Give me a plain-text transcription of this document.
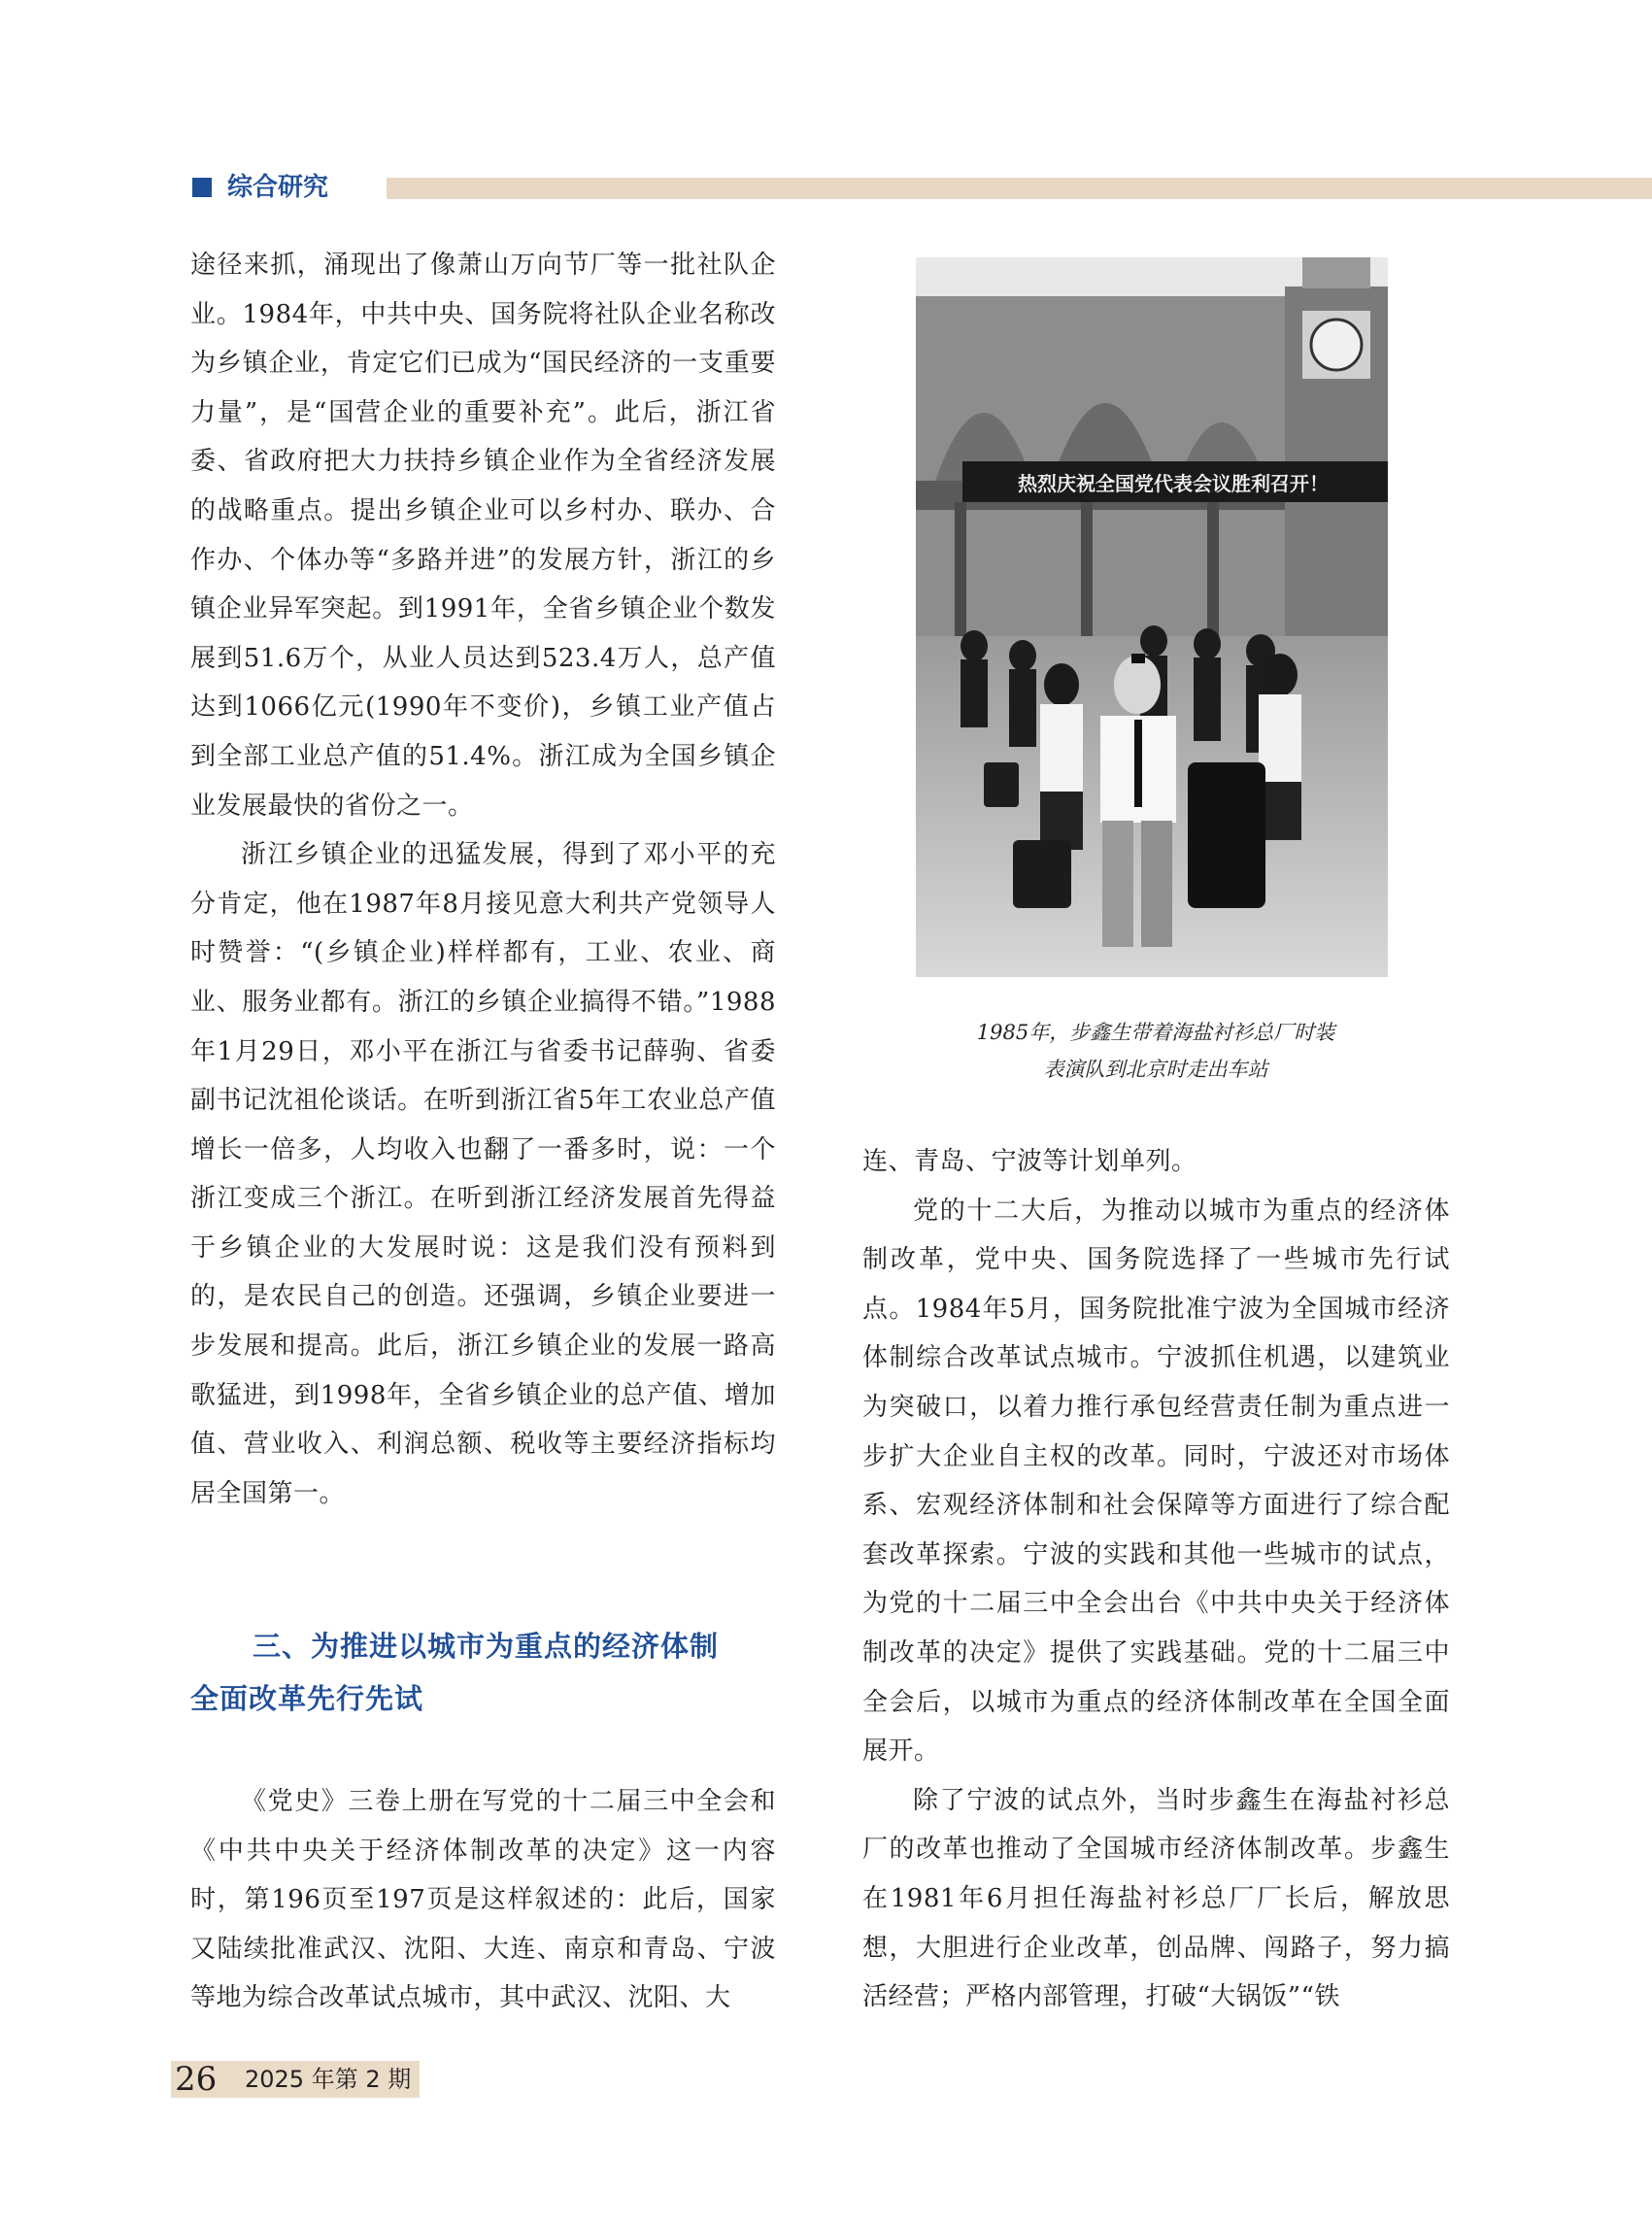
综合研究

途径来抓，涌现出了像萧山万向节厂等一批社队企业。1984年，中共中央、国务院将社队企业名称改为乡镇企业，肯定它们已成为“国民经济的一支重要力量”，是“国营企业的重要补充”。此后，浙江省委、省政府把大力扶持乡镇企业作为全省经济发展的战略重点。提出乡镇企业可以乡村办、联办、合作办、个体办等“多路并进”的发展方针，浙江的乡镇企业异军突起。到1991年，全省乡镇企业个数发展到51.6万个，从业人员达到523.4万人，总产值达到1066亿元(1990年不变价)，乡镇工业产值占到全部工业总产值的51.4%。浙江成为全国乡镇企业发展最快的省份之一。

浙江乡镇企业的迅猛发展，得到了邓小平的充分肯定，他在1987年8月接见意大利共产党领导人时赞誉：“(乡镇企业)样样都有，工业、农业、商业、服务业都有。浙江的乡镇企业搞得不错。”1988年1月29日，邓小平在浙江与省委书记薛驹、省委副书记沈祖伦谈话。在听到浙江省5年工农业总产值增长一倍多，人均收入也翻了一番多时，说：一个浙江变成三个浙江。在听到浙江经济发展首先得益于乡镇企业的大发展时说：这是我们没有预料到的，是农民自己的创造。还强调，乡镇企业要进一步发展和提高。此后，浙江乡镇企业的发展一路高歌猛进，到1998年，全省乡镇企业的总产值、增加值、营业收入、利润总额、税收等主要经济指标均居全国第一。

三、为推进以城市为重点的经济体制
全面改革先行先试

《党史》三卷上册在写党的十二届三中全会和《中共中央关于经济体制改革的决定》这一内容时，第196页至197页是这样叙述的：此后，国家又陆续批准武汉、沈阳、大连、南京和青岛、宁波等地为综合改革试点城市，其中武汉、沈阳、大

热烈庆祝全国党代表会议胜利召开！
1985年，步鑫生带着海盐衬衫总厂时装
表演队到北京时走出车站

连、青岛、宁波等计划单列。

党的十二大后，为推动以城市为重点的经济体制改革，党中央、国务院选择了一些城市先行试点。1984年5月，国务院批准宁波为全国城市经济体制综合改革试点城市。宁波抓住机遇，以建筑业为突破口，以着力推行承包经营责任制为重点进一步扩大企业自主权的改革。同时，宁波还对市场体系、宏观经济体制和社会保障等方面进行了综合配套改革探索。宁波的实践和其他一些城市的试点，为党的十二届三中全会出台《中共中央关于经济体制改革的决定》提供了实践基础。党的十二届三中全会后，以城市为重点的经济体制改革在全国全面展开。

除了宁波的试点外，当时步鑫生在海盐衬衫总厂的改革也推动了全国城市经济体制改革。步鑫生在1981年6月担任海盐衬衫总厂厂长后，解放思想，大胆进行企业改革，创品牌、闯路子，努力搞活经营；严格内部管理，打破“大锅饭”“铁

26 2025 年第 2 期
